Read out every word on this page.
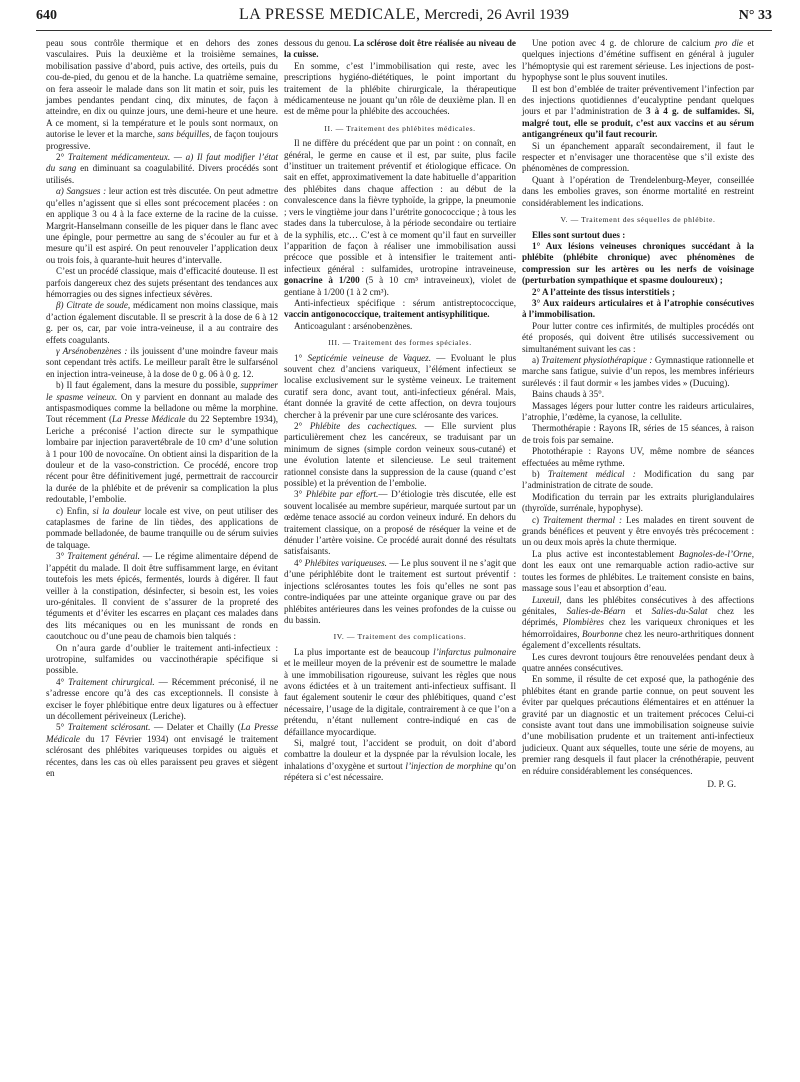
640	LA PRESSE MEDICALE, Mercredi, 26 Avril 1939	N° 33

peau sous contrôle thermique et en dehors des zones vasculaires. Puis la deuxième et la troisième semaines, mobilisation passive d’abord, puis active, des orteils, puis du cou-de-pied, du genou et de la hanche. La quatrième semaine, on fera asseoir le malade dans son lit matin et soir, puis les jambes pendantes pendant cinq, dix minutes, de façon à atteindre, en dix ou quinze jours, une demi-heure et une heure. A ce moment, si la température et le pouls sont normaux, on autorise le lever et la marche, sans béquilles, de façon toujours progressive.

2° Traitement médicamenteux. — a) Il faut modifier l’état du sang en diminuant sa coagulabilité. Divers procédés sont utilisés.

α) Sangsues : leur action est très discutée. On peut admettre qu’elles n’agissent que si elles sont précocement placées : on en applique 3 ou 4 à la face externe de la racine de la cuisse. Margrit-Hanselmann conseille de les piquer dans le flanc avec une épingle, pour permettre au sang de s’écouler au fur et à mesure qu’il est aspiré. On peut renouveler l’application deux ou trois fois, à quarante-huit heures d’intervalle.

C’est un procédé classique, mais d’efficacité douteuse. Il est parfois dangereux chez des sujets présentant des tendances aux hémorragies ou des signes infectieux sévères.

β) Citrate de soude, médicament non moins classique, mais d’action également discutable. Il se prescrit à la dose de 6 à 12 g. per os, car, par voie intra-veineuse, il a au contraire des effets coagulants.

γ Arsénobenzènes : ils jouissent d’une moindre faveur mais sont cependant très actifs. Le meilleur paraît être le sulfarsénol en injection intra-veineuse, à la dose de 0 g. 06 à 0 g. 12.

b) Il faut également, dans la mesure du possible, supprimer le spasme veineux. On y parvient en donnant au malade des antispasmodiques comme la belladone ou même la morphine. Tout récemment (La Presse Médicale du 22 Septembre 1934), Leriche a préconisé l’action directe sur le sympathique lombaire par injection paravertébrale de 10 cm³ d’une solution à 1 pour 100 de novocaïne. On obtient ainsi la disparition de la douleur et de la vaso-constriction. Ce procédé, encore trop récent pour être définitivement jugé, permettrait de raccourcir la durée de la phlébite et de prévenir sa complication la plus redoutable, l’embolie.

c) Enfin, si la douleur locale est vive, on peut utiliser des cataplasmes de farine de lin tièdes, des applications de pommade belladonée, de baume tranquille ou de sérum suivies de talquage.

3° Traitement général. — Le régime alimentaire dépend de l’appétit du malade. Il doit être suffisamment large, en évitant toutefois les mets épicés, fermentés, lourds à digérer. Il faut veiller à la constipation, désinfecter, si besoin est, les voies uro-génitales. Il convient de s’assurer de la propreté des téguments et d’éviter les escarres en plaçant ces malades dans des lits mécaniques ou en les munissant de ronds en caoutchouc ou d’une peau de chamois bien talqués :

On n’aura garde d’oublier le traitement anti-infectieux : urotropine, sulfamides ou vaccinothérapie spécifique si possible.

4° Traitement chirurgical. — Récemment préconisé, il ne s’adresse encore qu’à des cas exceptionnels. Il consiste à exciser le foyer phlébitique entre deux ligatures ou à effectuer un décollement périveineux (Leriche).

5° Traitement sclérosant. — Delater et Chailly (La Presse Médicale du 17 Février 1934) ont envisagé le traitement sclérosant des phlébites variqueuses torpides ou aiguës et récentes, dans les cas où elles paraissent peu graves et siègent en

dessous du genou. La sclérose doit être réalisée au niveau de la cuisse.

En somme, c’est l’immobilisation qui reste, avec les prescriptions hygiéno-diététiques, le point important du traitement de la phlébite chirurgicale, la thérapeutique médicamenteuse ne jouant qu’un rôle de deuxième plan. Il en est de même pour la phlébite des accouchées.

II. — Traitement des phlébites médicales.

Il ne diffère du précédent que par un point : on connaît, en général, le germe en cause et il est, par suite, plus facile d’instituer un traitement préventif et étiologique efficace. On sait en effet, approximativement la date habituelle d’apparition des phlébites dans chaque affection : au début de la convalescence dans la fièvre typhoïde, la grippe, la pneumonie ; vers le vingtième jour dans l’urétrite gonococcique ; à tous les stades dans la tuberculose, à la période secondaire ou tertiaire de la syphilis, etc… C’est à ce moment qu’il faut en surveiller l’apparition de façon à réaliser une immobilisation aussi précoce que possible et à intensifier le traitement anti-infectieux général : sulfamides, urotropine intraveineuse, gonacrine à 1/200 (5 à 10 cm³ intraveineux), violet de gentiane à 1/200 (1 à 2 cm³).

Anti-infectieux spécifique : sérum antistreptococcique, vaccin antigonococcique, traitement antisyphilitique.

Anticoagulant : arsénobenzènes.

III. — Traitement des formes spéciales.

1° Septicémie veineuse de Vaquez. — Evoluant le plus souvent chez d’anciens variqueux, l’élément infectieux se localise exclusivement sur le système veineux. Le traitement curatif sera donc, avant tout, anti-infectieux général. Mais, étant donnée la gravité de cette affection, on devra toujours chercher à la prévenir par une cure sclérosante des varices.

2° Phlébite des cachectiques. — Elle survient plus particulièrement chez les cancéreux, se traduisant par un minimum de signes (simple cordon veineux sous-cutané) et une évolution latente et silencieuse. Le seul traitement rationnel consiste dans la suppression de la cause (quand c’est possible) et la prévention de l’embolie.

3° Phlébite par effort.— D’étiologie très discutée, elle est souvent localisée au membre supérieur, marquée surtout par un œdème tenace associé au cordon veineux induré. En dehors du traitement classique, on a proposé de réséquer la veine et de dénuder l’artère voisine. Ce procédé aurait donné des résultats satisfaisants.

4° Phlébites variqueuses. — Le plus souvent il ne s’agit que d’une périphlébite dont le traitement est surtout préventif : injections sclérosantes toutes les fois qu’elles ne sont pas contre-indiquées par une atteinte organique grave ou par des phlébites antérieures dans les veines profondes de la cuisse ou du bassin.

IV. — Traitement des complications.

La plus importante est de beaucoup l’infarctus pulmonaire et le meilleur moyen de la prévenir est de soumettre le malade à une immobilisation rigoureuse, suivant les règles que nous avons édictées et à un traitement anti-infectieux suffisant. Il faut également soutenir le cœur des phlébitiques, quand c’est nécessaire, l’usage de la digitale, contrairement à ce que l’on a prétendu, n’étant nullement contre-indiqué en cas de défaillance myocardique.

Si, malgré tout, l’accident se produit, on doit d’abord combattre la douleur et la dyspnée par la révulsion locale, les inhalations d’oxygène et surtout l’injection de morphine qu’on répétera si c’est nécessaire.

Une potion avec 4 g. de chlorure de calcium pro die et quelques injections d’émétine suffisent en général à juguler l’hémoptysie qui est rarement sérieuse. Les injections de post-hypophyse sont le plus souvent inutiles.

Il est bon d’emblée de traiter préventivement l’infection par des injections quotidiennes d’eucalyptine pendant quelques jours et par l’administration de 3 à 4 g. de sulfamides. Si, malgré tout, elle se produit, c’est aux vaccins et au sérum antigangréneux qu’il faut recourir.

Si un épanchement apparaît secondairement, il faut le respecter et n’envisager une thoracentèse que s’il existe des phénomènes de compression.

Quant à l’opération de Trendelenburg-Meyer, conseillée dans les embolies graves, son énorme mortalité en restreint considérablement les indications.

V. — Traitement des séquelles de phlébite.

Elles sont surtout dues :

1° Aux lésions veineuses chroniques succédant à la phlébite (phlébite chronique) avec phénomènes de compression sur les artères ou les nerfs de voisinage (perturbation sympathique et spasme douloureux) ;

2° A l’atteinte des tissus interstitiels ;

3° Aux raideurs articulaires et à l’atrophie consécutives à l’immobilisation.

Pour lutter contre ces infirmités, de multiples procédés ont été proposés, qui doivent être utilisés successivement ou simultanément suivant les cas :

a) Traitement physiothérapique : Gymnastique rationnelle et marche sans fatigue, suivie d’un repos, les membres inférieurs surélevés : il faut dormir « les jambes vides » (Ducuing).

Bains chauds à 35°.

Massages légers pour lutter contre les raideurs articulaires, l’atrophie, l’œdème, la cyanose, la cellulite.

Thermothérapie : Rayons IR, séries de 15 séances, à raison de trois fois par semaine.

Photothérapie : Rayons UV, même nombre de séances effectuées au même rythme.

b) Traitement médical : Modification du sang par l’administration de citrate de soude.

Modification du terrain par les extraits pluriglandulaires (thyroïde, surrénale, hypophyse).

c) Traitement thermal : Les malades en tirent souvent de grands bénéfices et peuvent y être envoyés très précocement : un ou deux mois après la chute thermique.

La plus active est incontestablement Bagnoles-de-l’Orne, dont les eaux ont une remarquable action radio-active sur toutes les formes de phlébites. Le traitement consiste en bains, massage sous l’eau et absorption d’eau.

Luxeuil, dans les phlébites consécutives à des affections génitales, Salies-de-Béarn et Salies-du-Salat chez les déprimés, Plombières chez les variqueux chroniques et les hémorroïdaires, Bourbonne chez les neuro-arthritiques donnent également d’excellents résultats.

Les cures devront toujours être renouvelées pendant deux à quatre années consécutives.

En somme, il résulte de cet exposé que, la pathogénie des phlébites étant en grande partie connue, on peut souvent les éviter par quelques précautions élémentaires et en atténuer la gravité par un diagnostic et un traitement précoces Celui-ci consiste avant tout dans une immobilisation soigneuse suivie d’une mobilisation prudente et un traitement anti-infectieux judicieux. Quant aux séquelles, toute une série de moyens, au premier rang desquels il faut placer la crénothérapie, peuvent en réduire considérablement les conséquences.

D. P. G.
